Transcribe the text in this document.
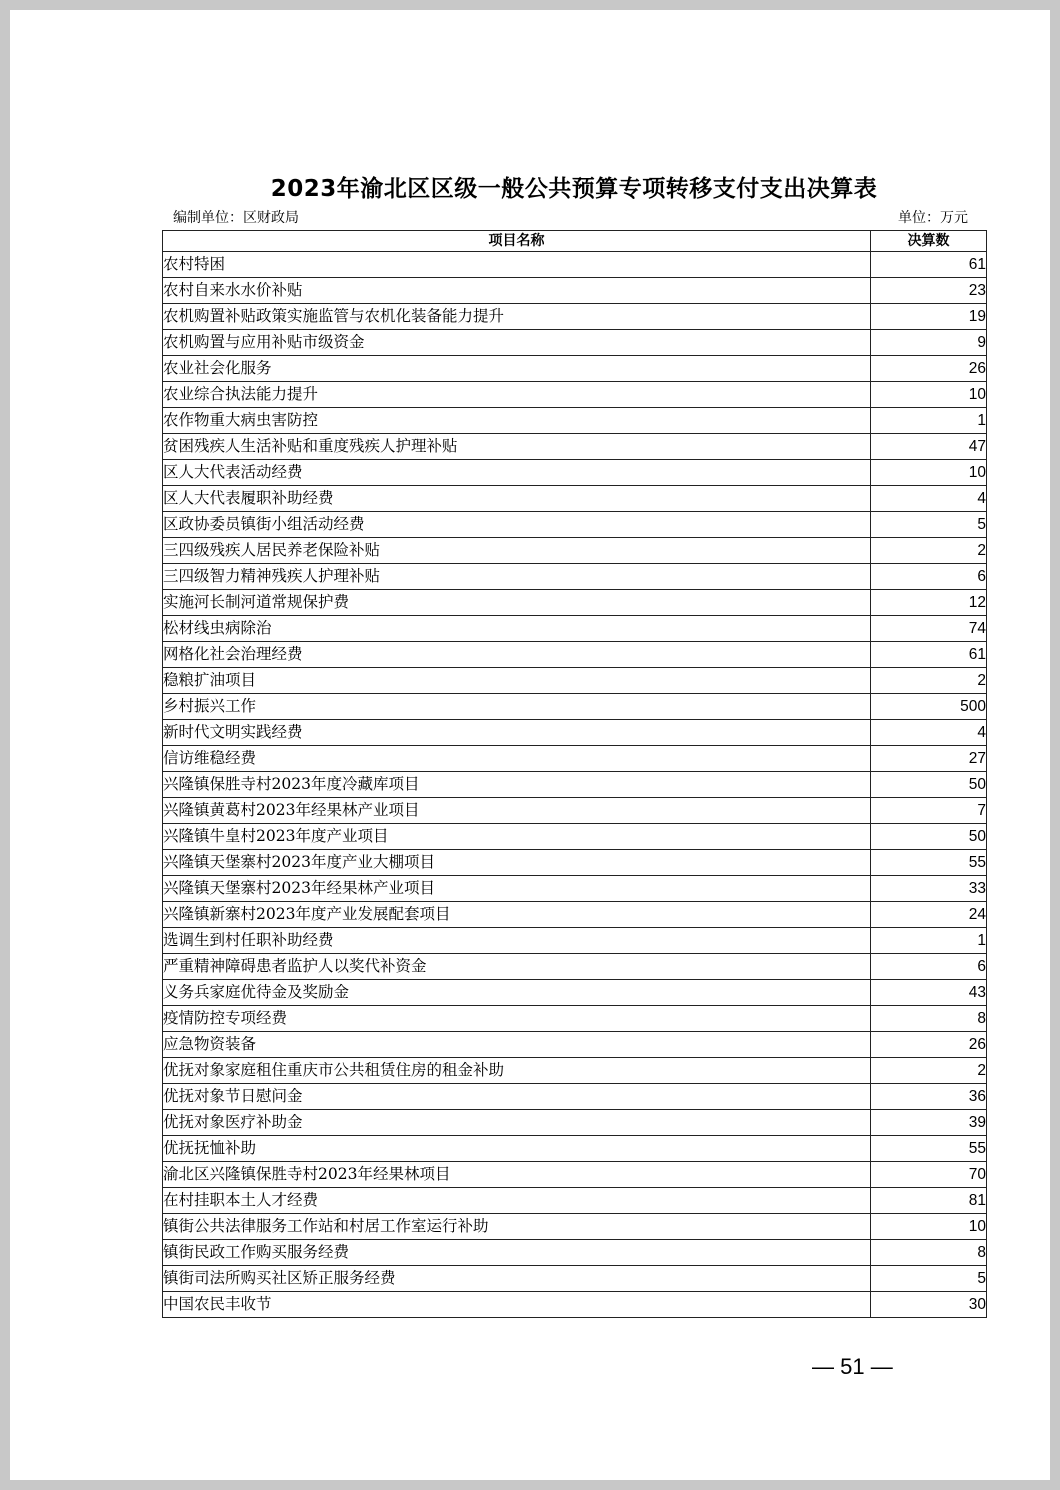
2023年渝北区区级一般公共预算专项转移支付支出决算表
编制单位：区财政局	单位：万元
项目名称	决算数
农村特困	61
农村自来水水价补贴	23
农机购置补贴政策实施监管与农机化装备能力提升	19
农机购置与应用补贴市级资金	9
农业社会化服务	26
农业综合执法能力提升	10
农作物重大病虫害防控	1
贫困残疾人生活补贴和重度残疾人护理补贴	47
区人大代表活动经费	10
区人大代表履职补助经费	4
区政协委员镇街小组活动经费	5
三四级残疾人居民养老保险补贴	2
三四级智力精神残疾人护理补贴	6
实施河长制河道常规保护费	12
松材线虫病除治	74
网格化社会治理经费	61
稳粮扩油项目	2
乡村振兴工作	500
新时代文明实践经费	4
信访维稳经费	27
兴隆镇保胜寺村2023年度冷藏库项目	50
兴隆镇黄葛村2023年经果林产业项目	7
兴隆镇牛皇村2023年度产业项目	50
兴隆镇天堡寨村2023年度产业大棚项目	55
兴隆镇天堡寨村2023年经果林产业项目	33
兴隆镇新寨村2023年度产业发展配套项目	24
选调生到村任职补助经费	1
严重精神障碍患者监护人以奖代补资金	6
义务兵家庭优待金及奖励金	43
疫情防控专项经费	8
应急物资装备	26
优抚对象家庭租住重庆市公共租赁住房的租金补助	2
优抚对象节日慰问金	36
优抚对象医疗补助金	39
优抚抚恤补助	55
渝北区兴隆镇保胜寺村2023年经果林项目	70
在村挂职本土人才经费	81
镇街公共法律服务工作站和村居工作室运行补助	10
镇街民政工作购买服务经费	8
镇街司法所购买社区矫正服务经费	5
中国农民丰收节	30
— 51 —
